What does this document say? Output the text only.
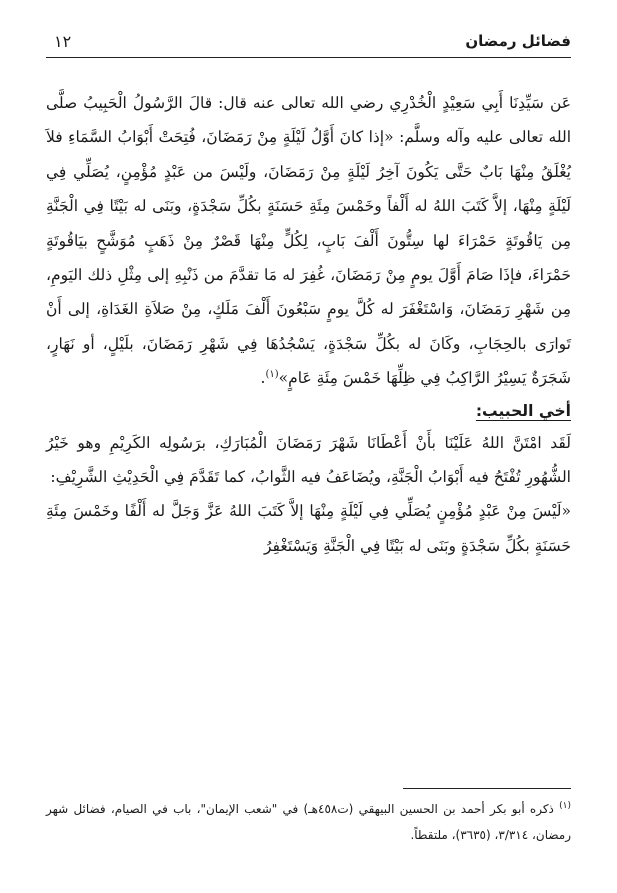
فضائل رمضان
١٢

عَن سَيِّدِنَا أَبِي سَعِيْدٍ الْخُدْرِي رضي الله تعالى عنه قال: قالَ الرَّسُولُ الْحَبِيبُ صلَّى الله تعالى عليه وآله وسلَّم: «إذا كانَ أَوَّلُ لَيْلَةٍ مِنْ رَمَضَانَ، فُتِحَتْ أَبْوَابُ السَّمَاءِ فلاَ يُغْلَقُ مِنْهَا بَابٌ حَتَّى يَكُونَ آخِرُ لَيْلَةٍ مِنْ رَمَضَانَ، ولَيْسَ من عَبْدٍ مُؤْمِنٍ، يُصَلِّي فِي لَيْلَةٍ مِنْهَا، إلاَّ كَتَبَ اللهُ له أَلْفاً وخَمْسَ مِئَةِ حَسَنَةٍ بكُلِّ سَجْدَةٍ، وبَنَى له بَيْتًا فِي الْجَنَّةِ مِن يَاقُوتَةٍ حَمْرَاءَ لها سِتُّونَ أَلْفَ بَابٍ، لِكُلٍّ مِنْهَا قَصْرٌ مِنْ ذَهَبٍ مُوَشَّحٍ بيَاقُوتَةٍ حَمْرَاءَ، فإذَا صَامَ أَوَّلَ يومٍ مِنْ رَمَضَانَ، غُفِرَ له مَا تقدَّمَ من ذَنْبِهِ إلى مِثْلِ ذلك اليَومِ، مِن شَهْرِ رَمَضَانَ، وَاسْتَغْفَرَ له كُلَّ يومٍ سَبْعُونَ أَلْفَ مَلَكٍ، مِنْ صَلاَةِ الغَدَاةِ، إلى أَنْ تَوارَى بالحِجَابِ، وكَانَ له بكُلِّ سَجْدَةٍ، يَسْجُدُهَا فِي شَهْرِ رَمَضَانَ، بلَيْلٍ، أو نَهَارٍ، شَجَرَةٌ يَسِيْرُ الرَّاكِبُ فِي ظِلِّهَا خَمْسَ مِئَةِ عَامٍ»$^{(١)}$.

أخي الحبيب:

لَقَد امْتَنَّ اللهُ عَلَيْنَا بأَنْ أَعْطَانَا شَهْرَ رَمَضَانَ الْمُبَارَكِ، برَسُولِه الكَرِيْمِ وهو خَيْرُ الشُّهُورِ تُفْتَحُ فيه أَبْوَابُ الْجَنَّةِ، ويُضَاعَفُ فيه الثَّوابُ، كما تَقَدَّمَ فِي الْحَدِيْثِ الشَّرِيْفِ:

«لَيْسَ مِنْ عَبْدٍ مُؤْمِنٍ يُصَلِّي فِي لَيْلَةٍ مِنْهَا إلاَّ كَتَبَ اللهُ عَزَّ وَجَلَّ له أَلْفًا وخَمْسَ مِئَةِ حَسَنَةٍ بكُلِّ سَجْدَةٍ وبَنَى له بَيْتًا فِي الْجَنَّةِ وَيَسْتَغْفِرُ

$^{(١)}$ ذكره أبو بكر أحمد بن الحسين البيهقي (ت٤٥٨هـ) في "شعب الإيمان"، باب في الصيام، فضائل شهر رمضان، ٣/٣١٤، (٣٦٣٥)، ملتقطاً.
